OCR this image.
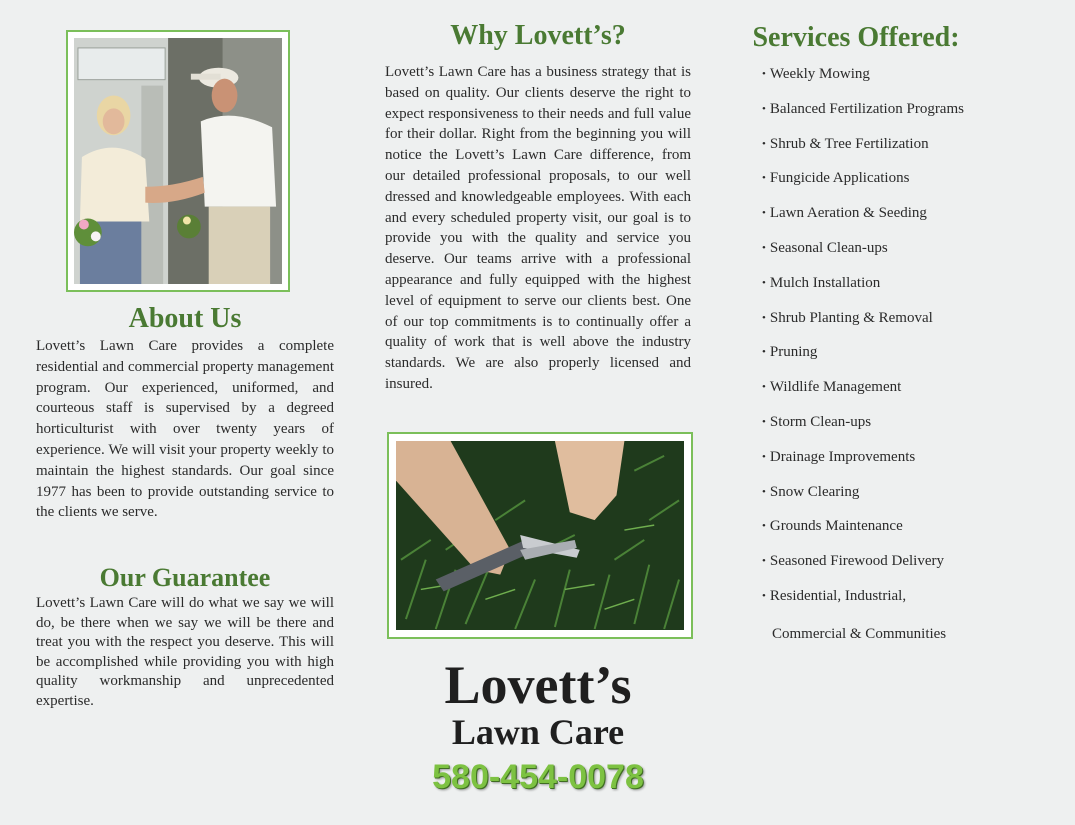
About Us

Lovett’s Lawn Care provides a complete residential and commercial property management program. Our experienced, uniformed, and courteous staff is supervised by a degreed horticulturist with over twenty years of experience. We will visit your property weekly to maintain the highest standards. Our goal since 1977 has been to provide outstanding service to the clients we serve.

Our Guarantee

Lovett’s Lawn Care will do what we say we will do, be there when we say we will be there and treat you with the respect you deserve. This will be accomplished while providing you with high quality workmanship and unprecedented expertise.

Why Lovett’s?

Lovett’s Lawn Care has a business strategy that is based on quality. Our clients deserve the right to expect responsiveness to their needs and full value for their dollar. Right from the beginning you will notice the Lovett’s Lawn Care difference, from our detailed professional proposals, to our well dressed and knowledgeable employees. With each and every scheduled property visit, our goal is to provide you with the quality and service you deserve. Our teams arrive with a professional appearance and fully equipped with the highest level of equipment to serve our clients best. One of our top commitments is to continually offer a quality of work that is well above the industry standards. We are also properly licensed and insured.

Lovett’s
Lawn Care
580-454-0078
Services Offered:
• Weekly Mowing
• Balanced Fertilization Programs
• Shrub & Tree Fertilization
• Fungicide Applications
• Lawn Aeration & Seeding
• Seasonal Clean-ups
• Mulch Installation
• Shrub Planting & Removal
• Pruning
• Wildlife Management
• Storm Clean-ups
• Drainage Improvements
• Snow Clearing
• Grounds Maintenance
• Seasoned Firewood Delivery
• Residential, Industrial,
Commercial & Communities
